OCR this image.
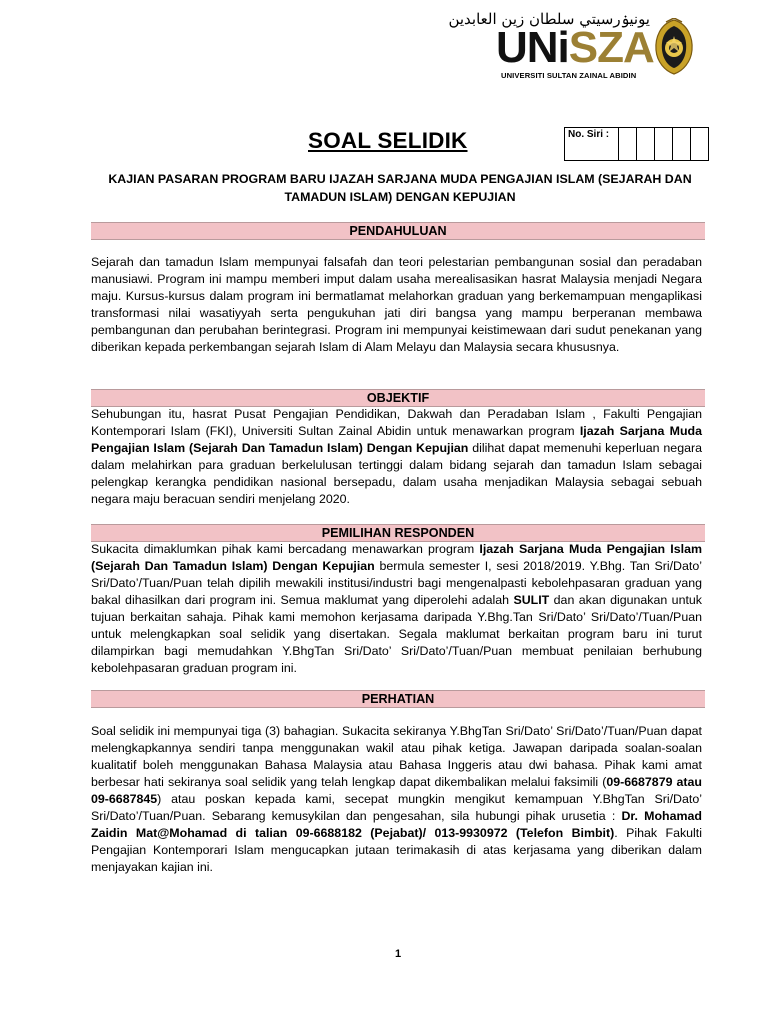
يونيۏرسيتي سلطان زين العابدين
UNiSZA
UNIVERSITI SULTAN ZAINAL ABIDIN
SOAL SELIDIK	No. Siri :					
KAJIAN PASARAN PROGRAM BARU IJAZAH SARJANA MUDA PENGAJIAN ISLAM (SEJARAH DAN TAMADUN ISLAM) DENGAN KEPUJIAN
PENDAHULUAN

Sejarah dan tamadun Islam mempunyai falsafah dan teori pelestarian pembangunan sosial dan peradaban manusiawi. Program ini mampu memberi imput dalam usaha merealisasikan hasrat Malaysia menjadi Negara maju. Kursus-kursus dalam program ini bermatlamat melahorkan graduan yang berkemampuan mengaplikasi transformasi nilai wasatiyyah serta pengukuhan jati diri bangsa yang mampu berperanan membawa pembangunan dan perubahan berintegrasi. Program ini mempunyai keistimewaan dari sudut penekanan yang diberikan kepada perkembangan sejarah Islam di Alam Melayu dan Malaysia secara khususnya.

OBJEKTIF

Sehubungan itu, hasrat Pusat Pengajian Pendidikan, Dakwah dan Peradaban Islam , Fakulti Pengajian Kontemporari Islam (FKI), Universiti Sultan Zainal Abidin untuk menawarkan program Ijazah Sarjana Muda Pengajian Islam (Sejarah Dan Tamadun Islam) Dengan Kepujian dilihat dapat memenuhi keperluan negara dalam melahirkan para graduan berkelulusan tertinggi dalam bidang sejarah dan tamadun Islam sebagai pelengkap kerangka pendidikan nasional bersepadu, dalam usaha menjadikan Malaysia sebagai sebuah negara maju beracuan sendiri menjelang 2020.

PEMILIHAN RESPONDEN

Sukacita dimaklumkan pihak kami bercadang menawarkan program Ijazah Sarjana Muda Pengajian Islam (Sejarah Dan Tamadun Islam) Dengan Kepujian bermula semester I, sesi 2018/2019. Y.Bhg. Tan Sri/Dato’ Sri/Dato’/Tuan/Puan telah dipilih mewakili institusi/industri bagi mengenalpasti kebolehpasaran graduan yang bakal dihasilkan dari program ini. Semua maklumat yang diperolehi adalah SULIT dan akan digunakan untuk tujuan berkaitan sahaja. Pihak kami memohon kerjasama daripada Y.Bhg.Tan Sri/Dato’ Sri/Dato’/Tuan/Puan untuk melengkapkan soal selidik yang disertakan. Segala maklumat berkaitan program baru ini turut dilampirkan bagi memudahkan Y.BhgTan Sri/Dato’ Sri/Dato’/Tuan/Puan membuat penilaian berhubung kebolehpasaran graduan program ini.

PERHATIAN

Soal selidik ini mempunyai tiga (3) bahagian. Sukacita sekiranya Y.BhgTan Sri/Dato’ Sri/Dato’/Tuan/Puan dapat melengkapkannya sendiri tanpa menggunakan wakil atau pihak ketiga. Jawapan daripada soalan-soalan kualitatif boleh menggunakan Bahasa Malaysia atau Bahasa Inggeris atau dwi bahasa. Pihak kami amat berbesar hati sekiranya soal selidik yang telah lengkap dapat dikembalikan melalui faksimili (09-6687879 atau 09-6687845) atau poskan kepada kami, secepat mungkin mengikut kemampuan Y.BhgTan Sri/Dato’ Sri/Dato’/Tuan/Puan. Sebarang kemusykilan dan pengesahan, sila hubungi pihak urusetia : Dr. Mohamad Zaidin Mat@Mohamad di talian 09-6688182 (Pejabat)/ 013-9930972 (Telefon Bimbit). Pihak Fakulti Pengajian Kontemporari Islam mengucapkan jutaan terimakasih di atas kerjasama yang diberikan dalam menjayakan kajian ini.

1
